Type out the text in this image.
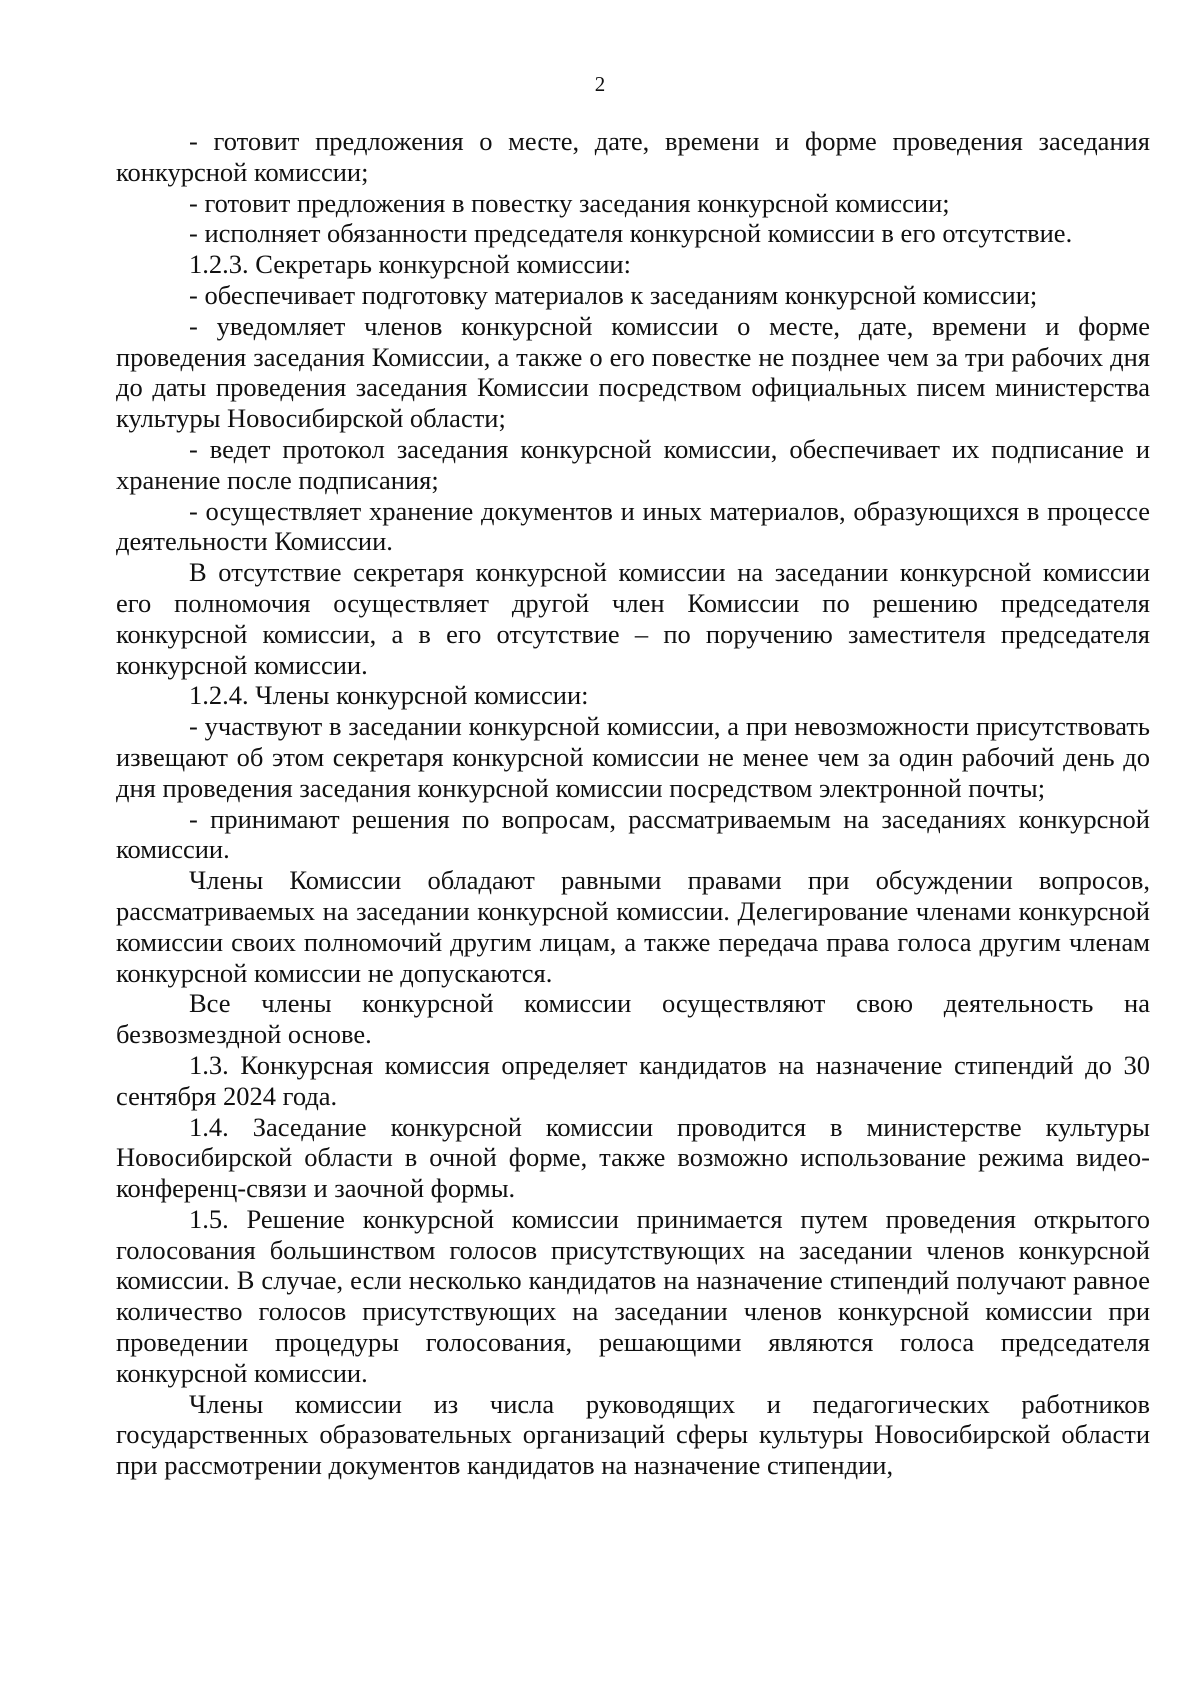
2

- готовит предложения о месте, дате, времени и форме проведения заседания конкурсной комиссии;

- готовит предложения в повестку заседания конкурсной комиссии;

- исполняет обязанности председателя конкурсной комиссии в его отсутствие.

1.2.3. Секретарь конкурсной комиссии:

- обеспечивает подготовку материалов к заседаниям конкурсной комиссии;

- уведомляет членов конкурсной комиссии о месте, дате, времени и форме проведения заседания Комиссии, а также о его повестке не позднее чем за три рабочих дня до даты проведения заседания Комиссии посредством официальных писем министерства культуры Новосибирской области;

- ведет протокол заседания конкурсной комиссии, обеспечивает их подписание и хранение после подписания;

- осуществляет хранение документов и иных материалов, образующихся в процессе деятельности Комиссии.

В отсутствие секретаря конкурсной комиссии на заседании конкурсной комиссии его полномочия осуществляет другой член Комиссии по решению председателя конкурсной комиссии, а в его отсутствие – по поручению заместителя председателя конкурсной комиссии.

1.2.4. Члены конкурсной комиссии:

- участвуют в заседании конкурсной комиссии, а при невозможности присутствовать извещают об этом секретаря конкурсной комиссии не менее чем за один рабочий день до дня проведения заседания конкурсной комиссии посредством электронной почты;

- принимают решения по вопросам, рассматриваемым на заседаниях конкурсной комиссии.

Члены Комиссии обладают равными правами при обсуждении вопросов, рассматриваемых на заседании конкурсной комиссии. Делегирование членами конкурсной комиссии своих полномочий другим лицам, а также передача права голоса другим членам конкурсной комиссии не допускаются.

Все члены конкурсной комиссии осуществляют свою деятельность на безвозмездной основе.

1.3. Конкурсная комиссия определяет кандидатов на назначение стипендий до 30 сентября 2024 года.

1.4. Заседание конкурсной комиссии проводится в министерстве культуры Новосибирской области в очной форме, также возможно использование режима видео-конференц-связи и заочной формы.

1.5. Решение конкурсной комиссии принимается путем проведения открытого голосования большинством голосов присутствующих на заседании членов конкурсной комиссии. В случае, если несколько кандидатов на назначение стипендий получают равное количество голосов присутствующих на заседании членов конкурсной комиссии при проведении процедуры голосования, решающими являются голоса председателя конкурсной комиссии.

Члены комиссии из числа руководящих и педагогических работников государственных образовательных организаций сферы культуры Новосибирской области при рассмотрении документов кандидатов на назначение стипендии,
